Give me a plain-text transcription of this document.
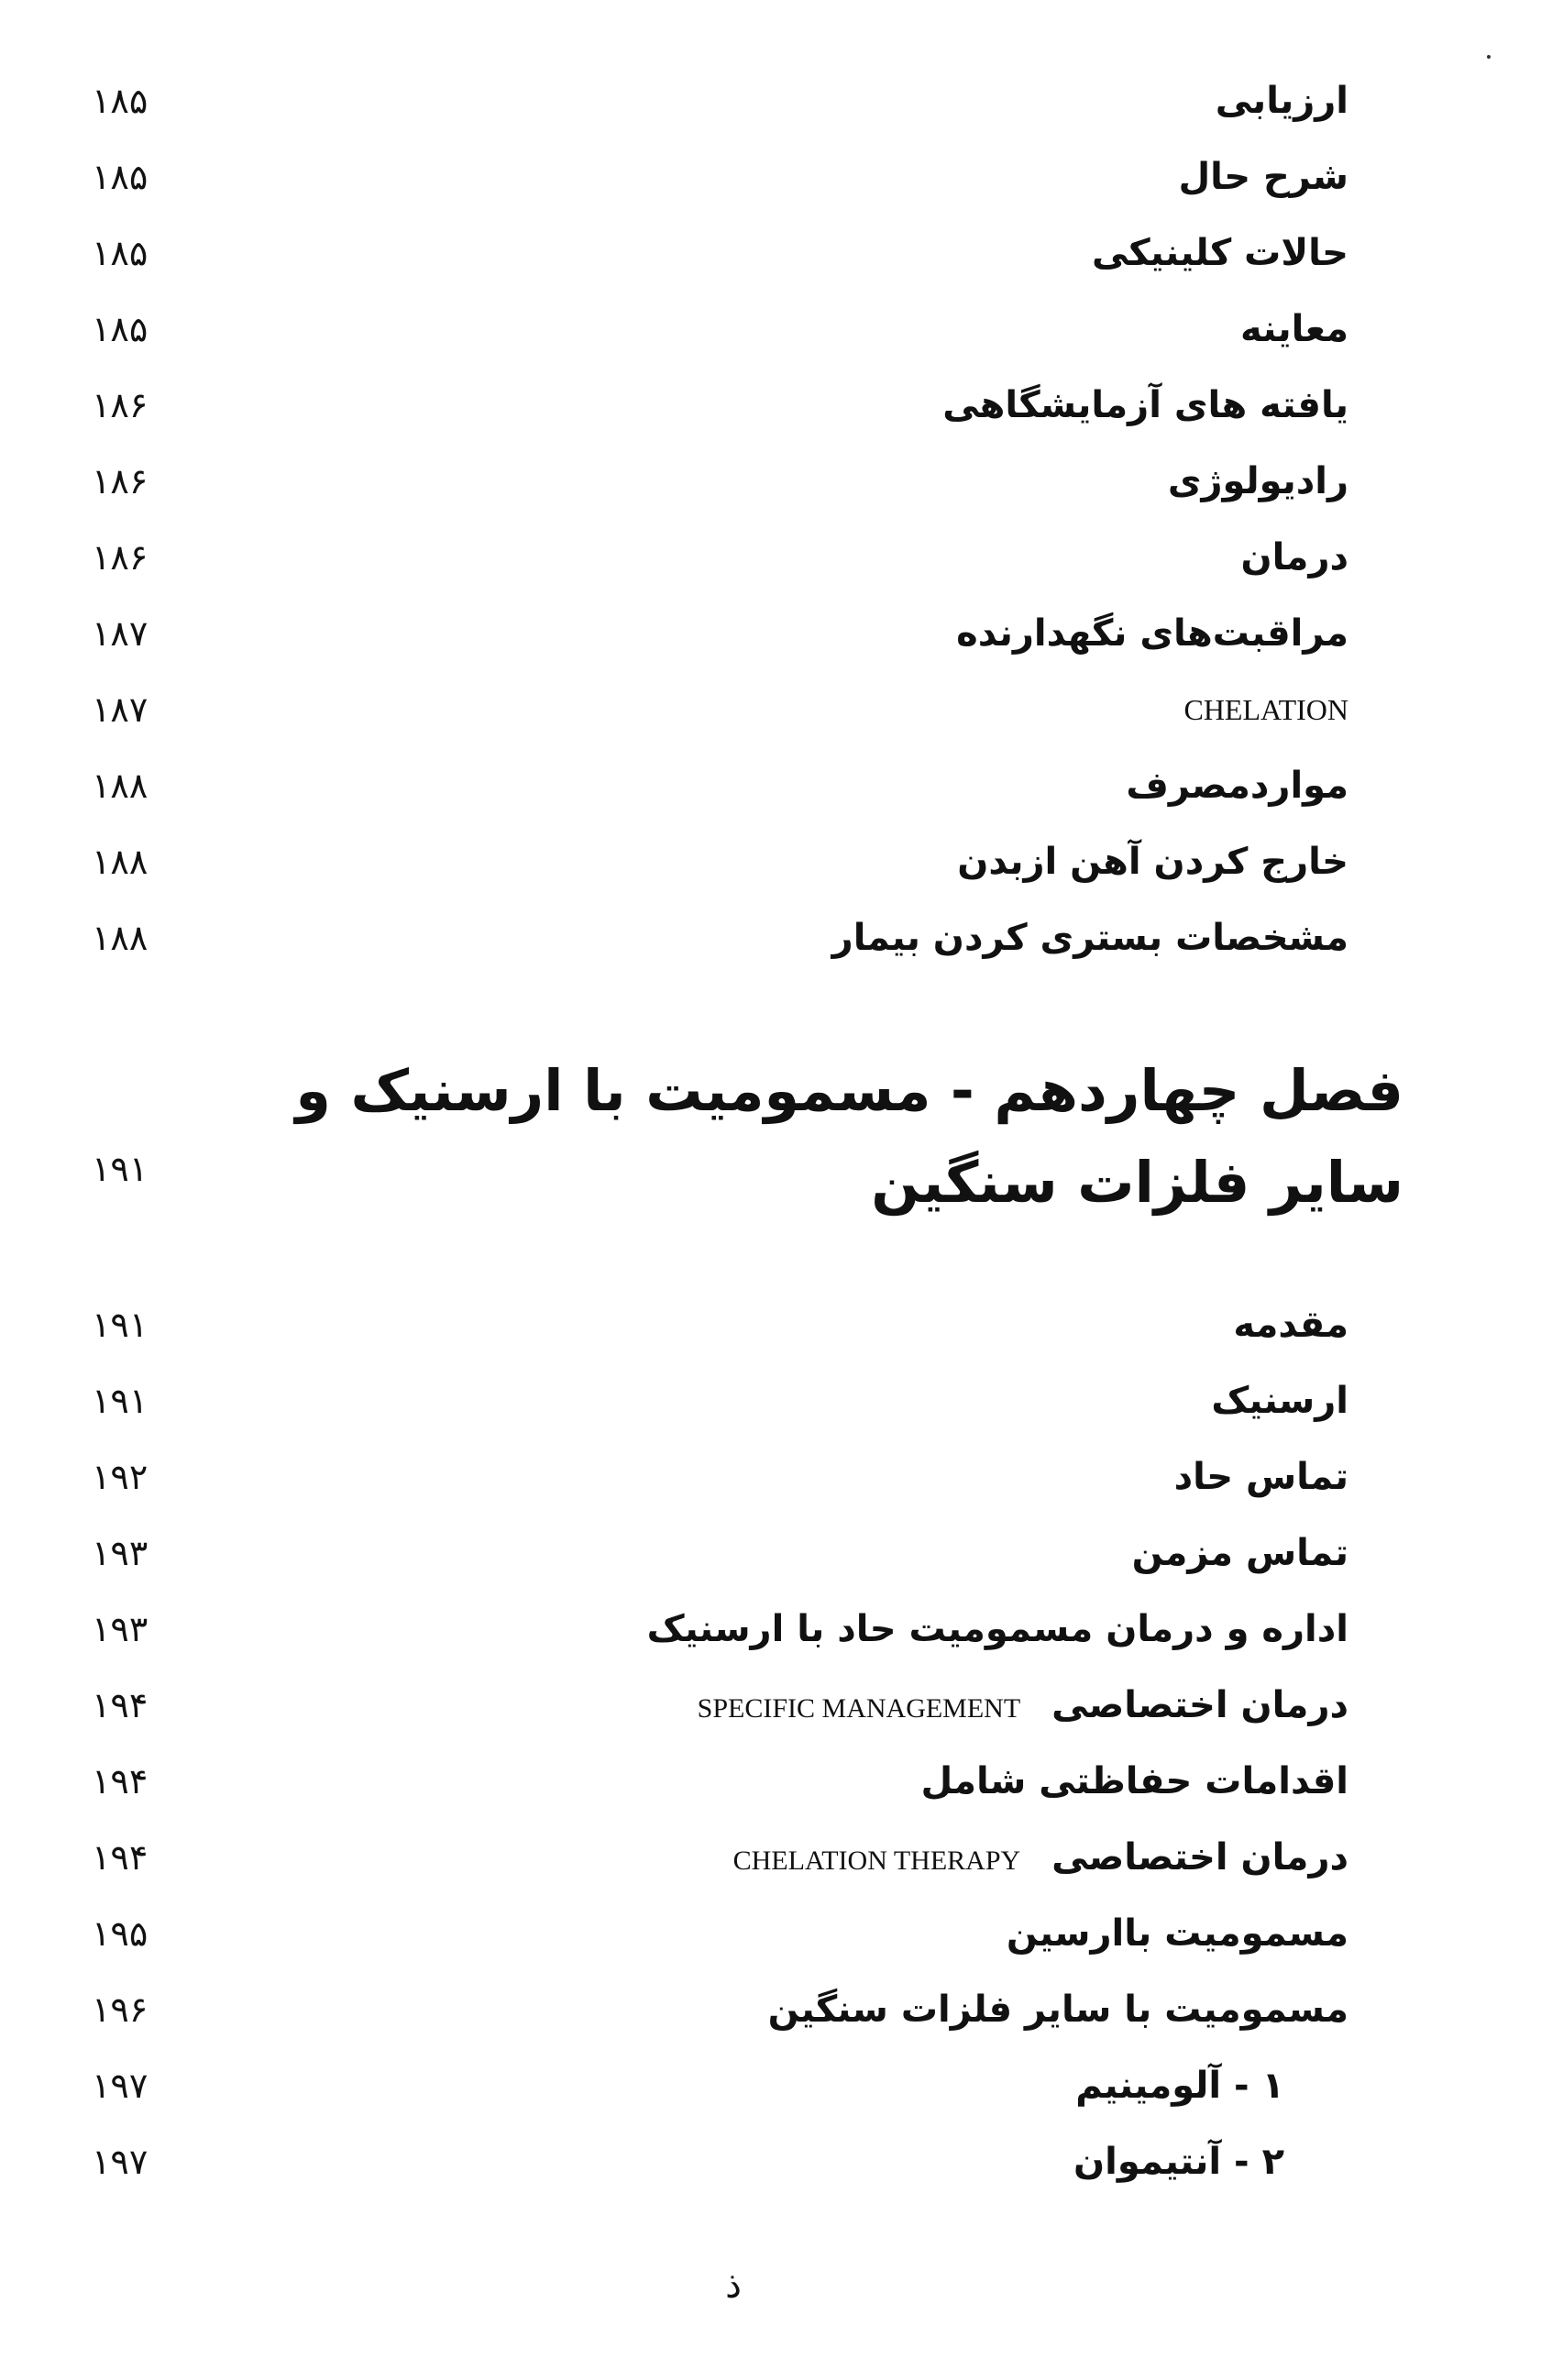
ارزیابی
۱۸۵
شرح حال
۱۸۵
حالات کلینیکی
۱۸۵
معاینه
۱۸۵
یافته های آزمایشگاهی
۱۸۶
رادیولوژی
۱۸۶
درمان
۱۸۶
مراقبت‌های نگهدارنده
۱۸۷
CHELATION
۱۸۷
مواردمصرف
۱۸۸
خارج کردن آهن ازبدن
۱۸۸
مشخصات بستری کردن بیمار
۱۸۸
فصل چهاردهم - مسمومیت با ارسنیک و سایر فلزات سنگین
۱۹۱
مقدمه
۱۹۱
ارسنیک
۱۹۱
تماس حاد
۱۹۲
تماس مزمن
۱۹۳
اداره و درمان مسمومیت حاد با ارسنیک
۱۹۳
درمان اختصاصیSPECIFIC MANAGEMENT
۱۹۴
اقدامات حفاظتی شامل
۱۹۴
درمان اختصاصیCHELATION THERAPY
۱۹۴
مسمومیت باارسین
۱۹۵
مسمومیت با سایر فلزات سنگین
۱۹۶
۱ - آلومینیم
۱۹۷
۲ - آنتیموان
۱۹۷
ذ
